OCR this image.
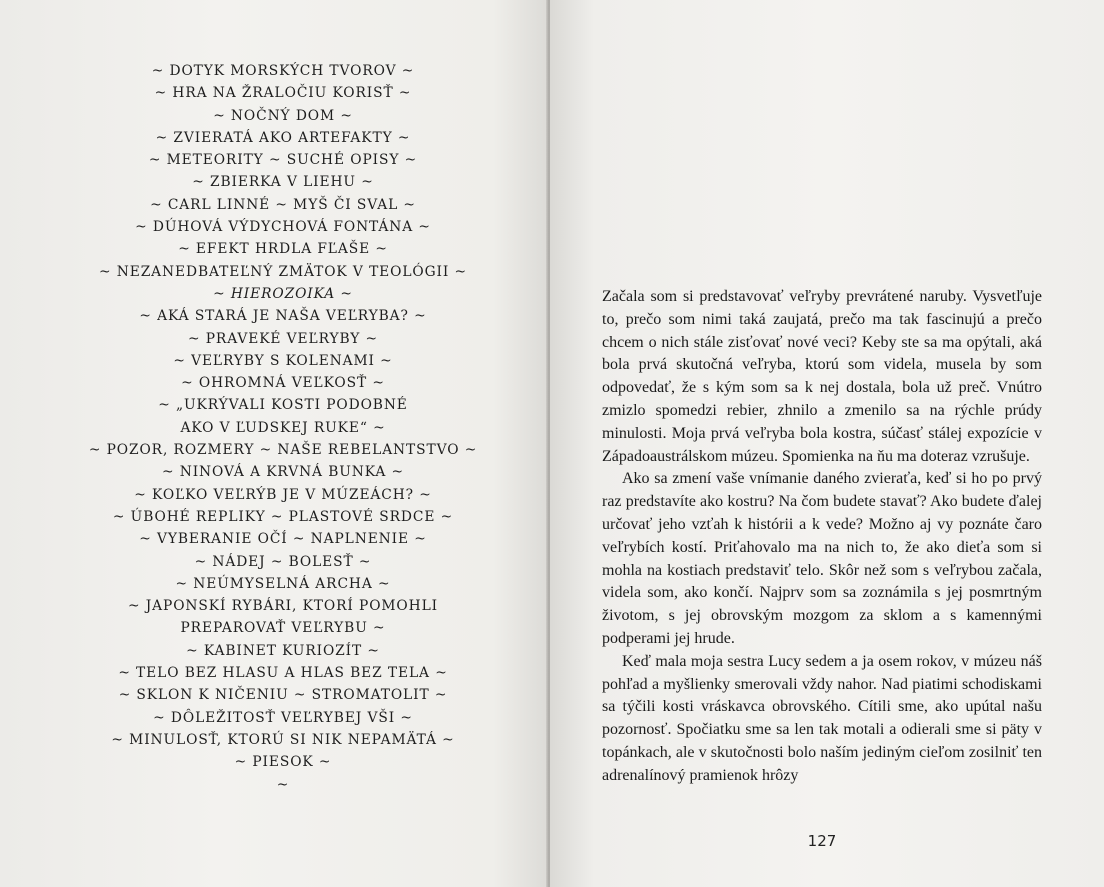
~ DOTYK MORSKÝCH TVOROV ~
~ HRA NA ŽRALOČIU KORISŤ ~
~ NOČNÝ DOM ~
~ ZVIERATÁ AKO ARTEFAKTY ~
~ METEORITY ~ SUCHÉ OPISY ~
~ ZBIERKA V LIEHU ~
~ CARL LINNÉ ~ MYŠ ČI SVAL ~
~ DÚHOVÁ VÝDYCHOVÁ FONTÁNA ~
~ EFEKT HRDLA FĽAŠE ~
~ NEZANEDBATEĽNÝ ZMÄTOK V TEOLÓGII ~
~ HIEROZOIKA ~
~ AKÁ STARÁ JE NAŠA VEĽRYBA? ~
~ PRAVEKÉ VEĽRYBY ~
~ VEĽRYBY S KOLENAMI ~
~ OHROMNÁ VEĽKOSŤ ~
~ „UKRÝVALI KOSTI PODOBNÉ
AKO V ĽUDSKEJ RUKE“ ~
~ POZOR, ROZMERY ~ NAŠE REBELANTSTVO ~
~ NINOVÁ A KRVNÁ BUNKA ~
~ KOĽKO VEĽRÝB JE V MÚZEÁCH? ~
~ ÚBOHÉ REPLIKY ~ PLASTOVÉ SRDCE ~
~ VYBERANIE OČÍ ~ NAPLNENIE ~
~ NÁDEJ ~ BOLESŤ ~
~ NEÚMYSELNÁ ARCHA ~
~ JAPONSKÍ RYBÁRI, KTORÍ POMOHLI
PREPAROVAŤ VEĽRYBU ~
~ KABINET KURIOZÍT ~
~ TELO BEZ HLASU A HLAS BEZ TELA ~
~ SKLON K NIČENIU ~ STROMATOLIT ~
~ DÔLEŽITOSŤ VEĽRYBEJ VŠI ~
~ MINULOSŤ, KTORÚ SI NIK NEPAMÄTÁ ~
~ PIESOK ~
~

Začala som si predstavovať veľryby prevrátené naruby. Vysvetľuje to, prečo som nimi taká zaujatá, prečo ma tak fascinujú a prečo chcem o nich stále zisťovať nové veci? Keby ste sa ma opýtali, aká bola prvá skutočná veľryba, ktorú som videla, musela by som odpovedať, že s kým som sa k nej dostala, bola už preč. Vnútro zmizlo spomedzi rebier, zhnilo a zmenilo sa na rýchle prúdy minulosti. Moja prvá veľryba bola kostra, súčasť stálej expozície v Západoaustrálskom múzeu. Spomienka na ňu ma doteraz vzrušuje.

Ako sa zmení vaše vnímanie daného zvieraťa, keď si ho po prvý raz predstavíte ako kostru? Na čom budete stavať? Ako budete ďalej určovať jeho vzťah k histórii a k vede? Možno aj vy poznáte čaro veľrybích kostí. Priťahovalo ma na nich to, že ako dieťa som si mohla na kostiach predstaviť telo. Skôr než som s veľrybou začala, videla som, ako končí. Najprv som sa zoznámila s jej posmrtným životom, s jej obrovským mozgom za sklom a s kamennými podperami jej hrude.

Keď mala moja sestra Lucy sedem a ja osem rokov, v múzeu náš pohľad a myšlienky smerovali vždy nahor. Nad piatimi schodiskami sa týčili kosti vráskavca obrovského. Cítili sme, ako upútal našu pozornosť. Spočiatku sme sa len tak motali a odierali sme si päty v topánkach, ale v skutočnosti bolo naším jediným cieľom zosilniť ten adrenalínový pramienok hrôzy

127
